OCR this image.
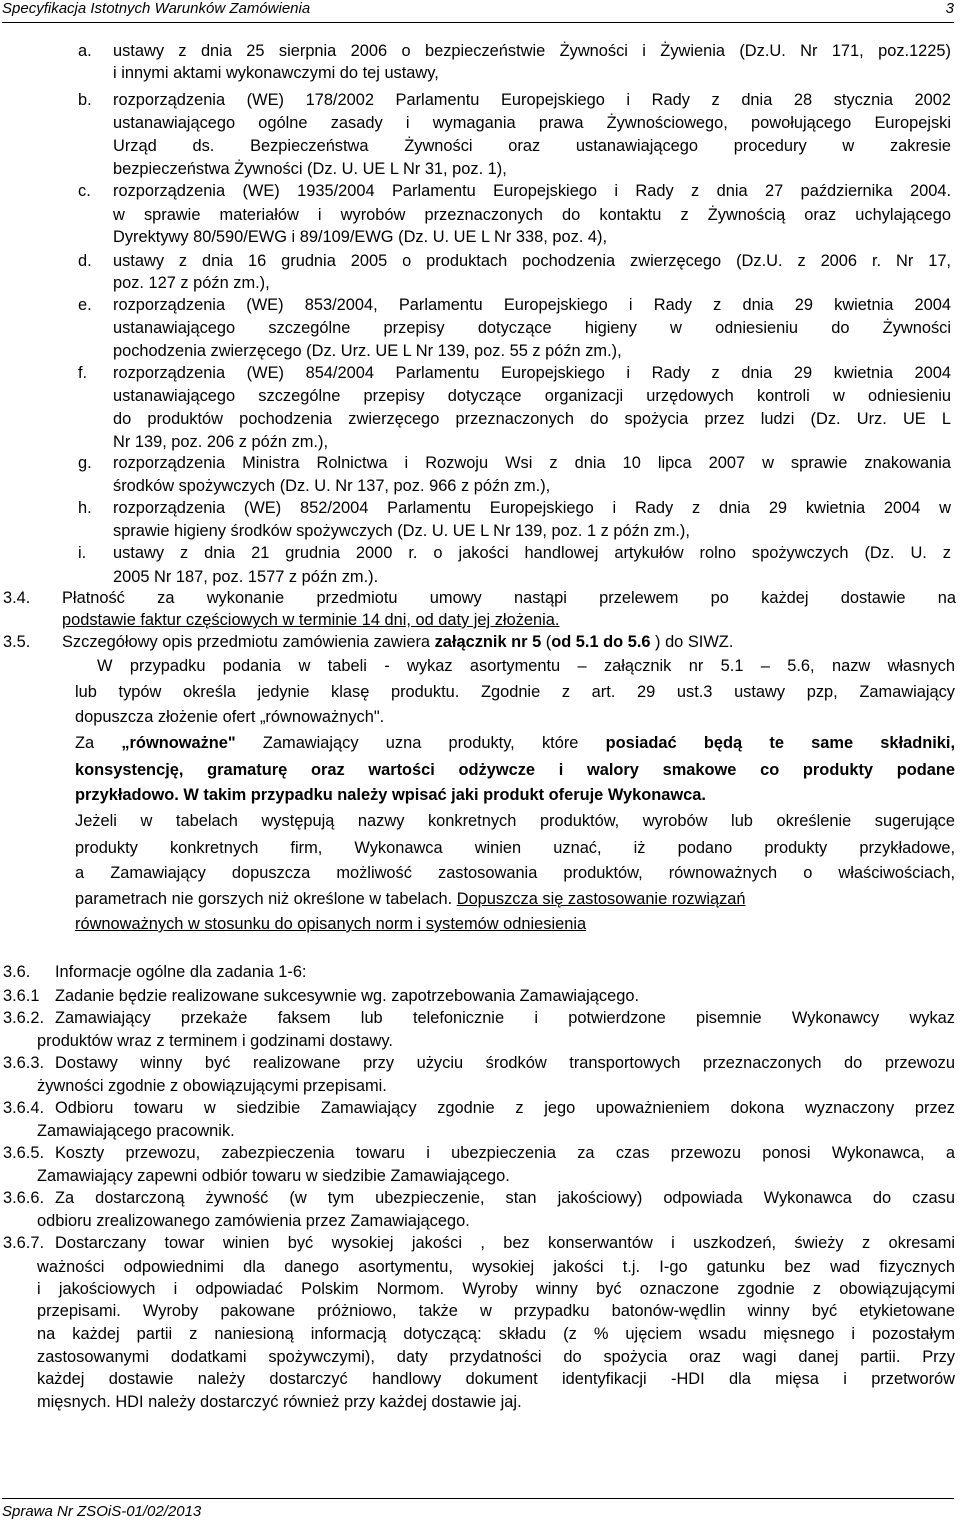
Specyfikacja Istotnych Warunków Zamówienia	3
a. ustawy z dnia 25 sierpnia 2006 o bezpieczeństwie Żywności i Żywienia (Dz.U. Nr 171, poz.1225)
i innymi aktami wykonawczymi do tej ustawy,
b. rozporządzenia (WE) 178/2002 Parlamentu Europejskiego i Rady z dnia 28 stycznia 2002
ustanawiającego ogólne zasady i wymagania prawa Żywnościowego, powołującego Europejski
Urząd ds. Bezpieczeństwa Żywności oraz ustanawiającego procedury w zakresie
bezpieczeństwa Żywności (Dz. U. UE L Nr 31, poz. 1),
c. rozporządzenia (WE) 1935/2004 Parlamentu Europejskiego i Rady z dnia 27 października 2004.
w sprawie materiałów i wyrobów przeznaczonych do kontaktu z Żywnością oraz uchylającego
Dyrektywy 80/590/EWG i 89/109/EWG (Dz. U. UE L Nr 338, poz. 4),
d. ustawy z dnia 16 grudnia 2005 o produktach pochodzenia zwierzęcego (Dz.U. z 2006 r. Nr 17,
poz. 127 z późn zm.),
e. rozporządzenia (WE) 853/2004, Parlamentu Europejskiego i Rady z dnia 29 kwietnia 2004
ustanawiającego szczególne przepisy dotyczące higieny w odniesieniu do Żywności
pochodzenia zwierzęcego (Dz. Urz. UE L Nr 139, poz. 55 z późn zm.),
f. rozporządzenia (WE) 854/2004 Parlamentu Europejskiego i Rady z dnia 29 kwietnia 2004
ustanawiającego szczególne przepisy dotyczące organizacji urzędowych kontroli w odniesieniu
do produktów pochodzenia zwierzęcego przeznaczonych do spożycia przez ludzi (Dz. Urz. UE L
Nr 139, poz. 206 z późn zm.),
g. rozporządzenia Ministra Rolnictwa i Rozwoju Wsi z dnia 10 lipca 2007 w sprawie znakowania
środków spożywczych (Dz. U. Nr 137, poz. 966 z późn zm.),
h. rozporządzenia (WE) 852/2004 Parlamentu Europejskiego i Rady z dnia 29 kwietnia 2004 w
sprawie higieny środków spożywczych (Dz. U. UE L Nr 139, poz. 1 z późn zm.),
i. ustawy z dnia 21 grudnia 2000 r. o jakości handlowej artykułów rolno spożywczych (Dz. U. z
2005 Nr 187, poz. 1577 z późn zm.).
3.4. Płatność za wykonanie przedmiotu umowy nastąpi przelewem po każdej dostawie na
podstawie faktur częściowych w terminie 14 dni, od daty jej złożenia.
3.5. Szczegółowy opis przedmiotu zamówienia zawiera załącznik nr 5 (od 5.1 do 5.6 ) do SIWZ.
W przypadku podania w tabeli - wykaz asortymentu – załącznik nr 5.1 – 5.6, nazw własnych
lub typów określa jedynie klasę produktu. Zgodnie z art. 29 ust.3 ustawy pzp, Zamawiający
dopuszcza złożenie ofert „równoważnych".
Za „równoważne" Zamawiający uzna produkty, które posiadać będą te same składniki,
konsystencję, gramaturę oraz wartości odżywcze i walory smakowe co produkty podane
przykładowo. W takim przypadku należy wpisać jaki produkt oferuje Wykonawca.
Jeżeli w tabelach występują nazwy konkretnych produktów, wyrobów lub określenie sugerujące
produkty konkretnych firm, Wykonawca winien uznać, iż podano produkty przykładowe,
a Zamawiający dopuszcza możliwość zastosowania produktów, równoważnych o właściwościach,
parametrach nie gorszych niż określone w tabelach. Dopuszcza się zastosowanie rozwiązań
równoważnych w stosunku do opisanych norm i systemów odniesienia
3.6. Informacje ogólne dla zadania 1-6:
3.6.1 Zadanie będzie realizowane sukcesywnie wg. zapotrzebowania Zamawiającego.
3.6.2. Zamawiający przekaże faksem lub telefonicznie i potwierdzone pisemnie Wykonawcy wykaz
produktów wraz z terminem i godzinami dostawy.
3.6.3. Dostawy winny być realizowane przy użyciu środków transportowych przeznaczonych do przewozu
żywności zgodnie z obowiązującymi przepisami.
3.6.4. Odbioru towaru w siedzibie Zamawiający zgodnie z jego upoważnieniem dokona wyznaczony przez
Zamawiającego pracownik.
3.6.5. Koszty przewozu, zabezpieczenia towaru i ubezpieczenia za czas przewozu ponosi Wykonawca, a
Zamawiający zapewni odbiór towaru w siedzibie Zamawiającego.
3.6.6. Za dostarczoną żywność (w tym ubezpieczenie, stan jakościowy) odpowiada Wykonawca do czasu
odbioru zrealizowanego zamówienia przez Zamawiającego.
3.6.7. Dostarczany towar winien być wysokiej jakości , bez konserwantów i uszkodzeń, świeży z okresami
ważności odpowiednimi dla danego asortymentu, wysokiej jakości t.j. I-go gatunku bez wad fizycznych
i jakościowych i odpowiadać Polskim Normom. Wyroby winny być oznaczone zgodnie z obowiązującymi
przepisami. Wyroby pakowane próżniowo, także w przypadku batonów-wędlin winny być etykietowane
na każdej partii z naniesioną informacją dotyczącą: składu (z % ujęciem wsadu mięsnego i pozostałym
zastosowanymi dodatkami spożywczymi), daty przydatności do spożycia oraz wagi danej partii. Przy
każdej dostawie należy dostarczyć handlowy dokument identyfikacji -HDI dla mięsa i przetworów
mięsnych. HDI należy dostarczyć również przy każdej dostawie jaj.
Sprawa Nr ZSOiS-01/02/2013
